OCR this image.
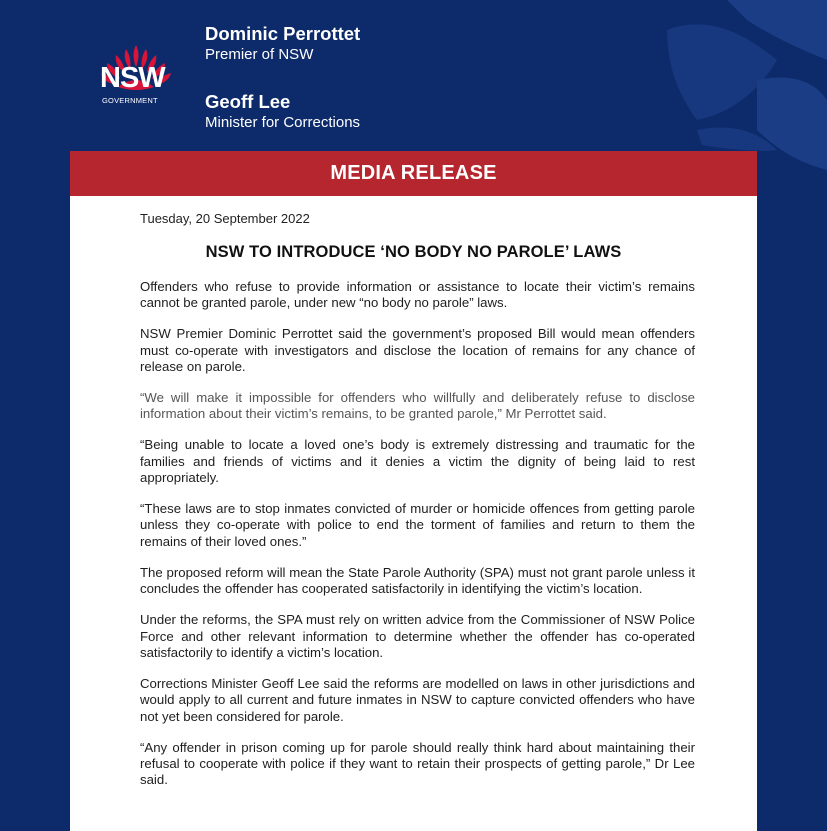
NSW
GOVERNMENT
Dominic Perrottet
Premier of NSW
Geoff Lee
Minister for Corrections
MEDIA RELEASE
Tuesday, 20 September 2022
NSW TO INTRODUCE ‘NO BODY NO PAROLE’ LAWS

Offenders who refuse to provide information or assistance to locate their victim’s remains cannot be granted parole, under new “no body no parole” laws.

NSW Premier Dominic Perrottet said the government’s proposed Bill would mean offenders must co-operate with investigators and disclose the location of remains for any chance of release on parole.

“We will make it impossible for offenders who willfully and deliberately refuse to disclose information about their victim’s remains, to be granted parole,” Mr Perrottet said.

“Being unable to locate a loved one’s body is extremely distressing and traumatic for the families and friends of victims and it denies a victim the dignity of being laid to rest appropriately.

“These laws are to stop inmates convicted of murder or homicide offences from getting parole unless they co-operate with police to end the torment of families and return to them the remains of their loved ones.”

The proposed reform will mean the State Parole Authority (SPA) must not grant parole unless it concludes the offender has cooperated satisfactorily in identifying the victim’s location.

Under the reforms, the SPA must rely on written advice from the Commissioner of NSW Police Force and other relevant information to determine whether the offender has co-operated satisfactorily to identify a victim’s location.

Corrections Minister Geoff Lee said the reforms are modelled on laws in other jurisdictions and would apply to all current and future inmates in NSW to capture convicted offenders who have not yet been considered for parole.

“Any offender in prison coming up for parole should really think hard about maintaining their refusal to cooperate with police if they want to retain their prospects of getting parole,” Dr Lee said.
